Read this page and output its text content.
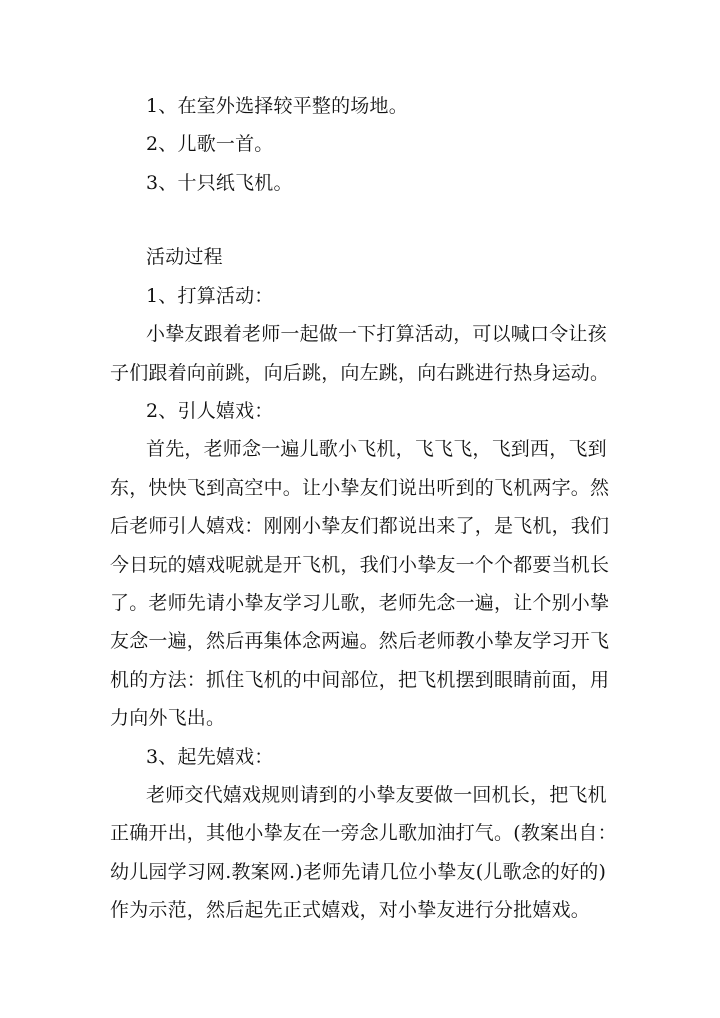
1、在室外选择较平整的场地。
2、儿歌一首。
3、十只纸飞机。
活动过程
1、打算活动：
小挚友跟着老师一起做一下打算活动，可以喊口令让孩
子们跟着向前跳，向后跳，向左跳，向右跳进行热身运动。
2、引人嬉戏：
首先，老师念一遍儿歌小飞机，飞飞飞，飞到西，飞到
东，快快飞到高空中。让小挚友们说出听到的飞机两字。然
后老师引人嬉戏：刚刚小挚友们都说出来了，是飞机，我们
今日玩的嬉戏呢就是开飞机，我们小挚友一个个都要当机长
了。老师先请小挚友学习儿歌，老师先念一遍，让个别小挚
友念一遍，然后再集体念两遍。然后老师教小挚友学习开飞
机的方法：抓住飞机的中间部位，把飞机摆到眼睛前面，用
力向外飞出。
3、起先嬉戏：
老师交代嬉戏规则请到的小挚友要做一回机长，把飞机
正确开出，其他小挚友在一旁念儿歌加油打气。(教案出自：
幼儿园学习网.教案网.)老师先请几位小挚友(儿歌念的好的)
作为示范，然后起先正式嬉戏，对小挚友进行分批嬉戏。
